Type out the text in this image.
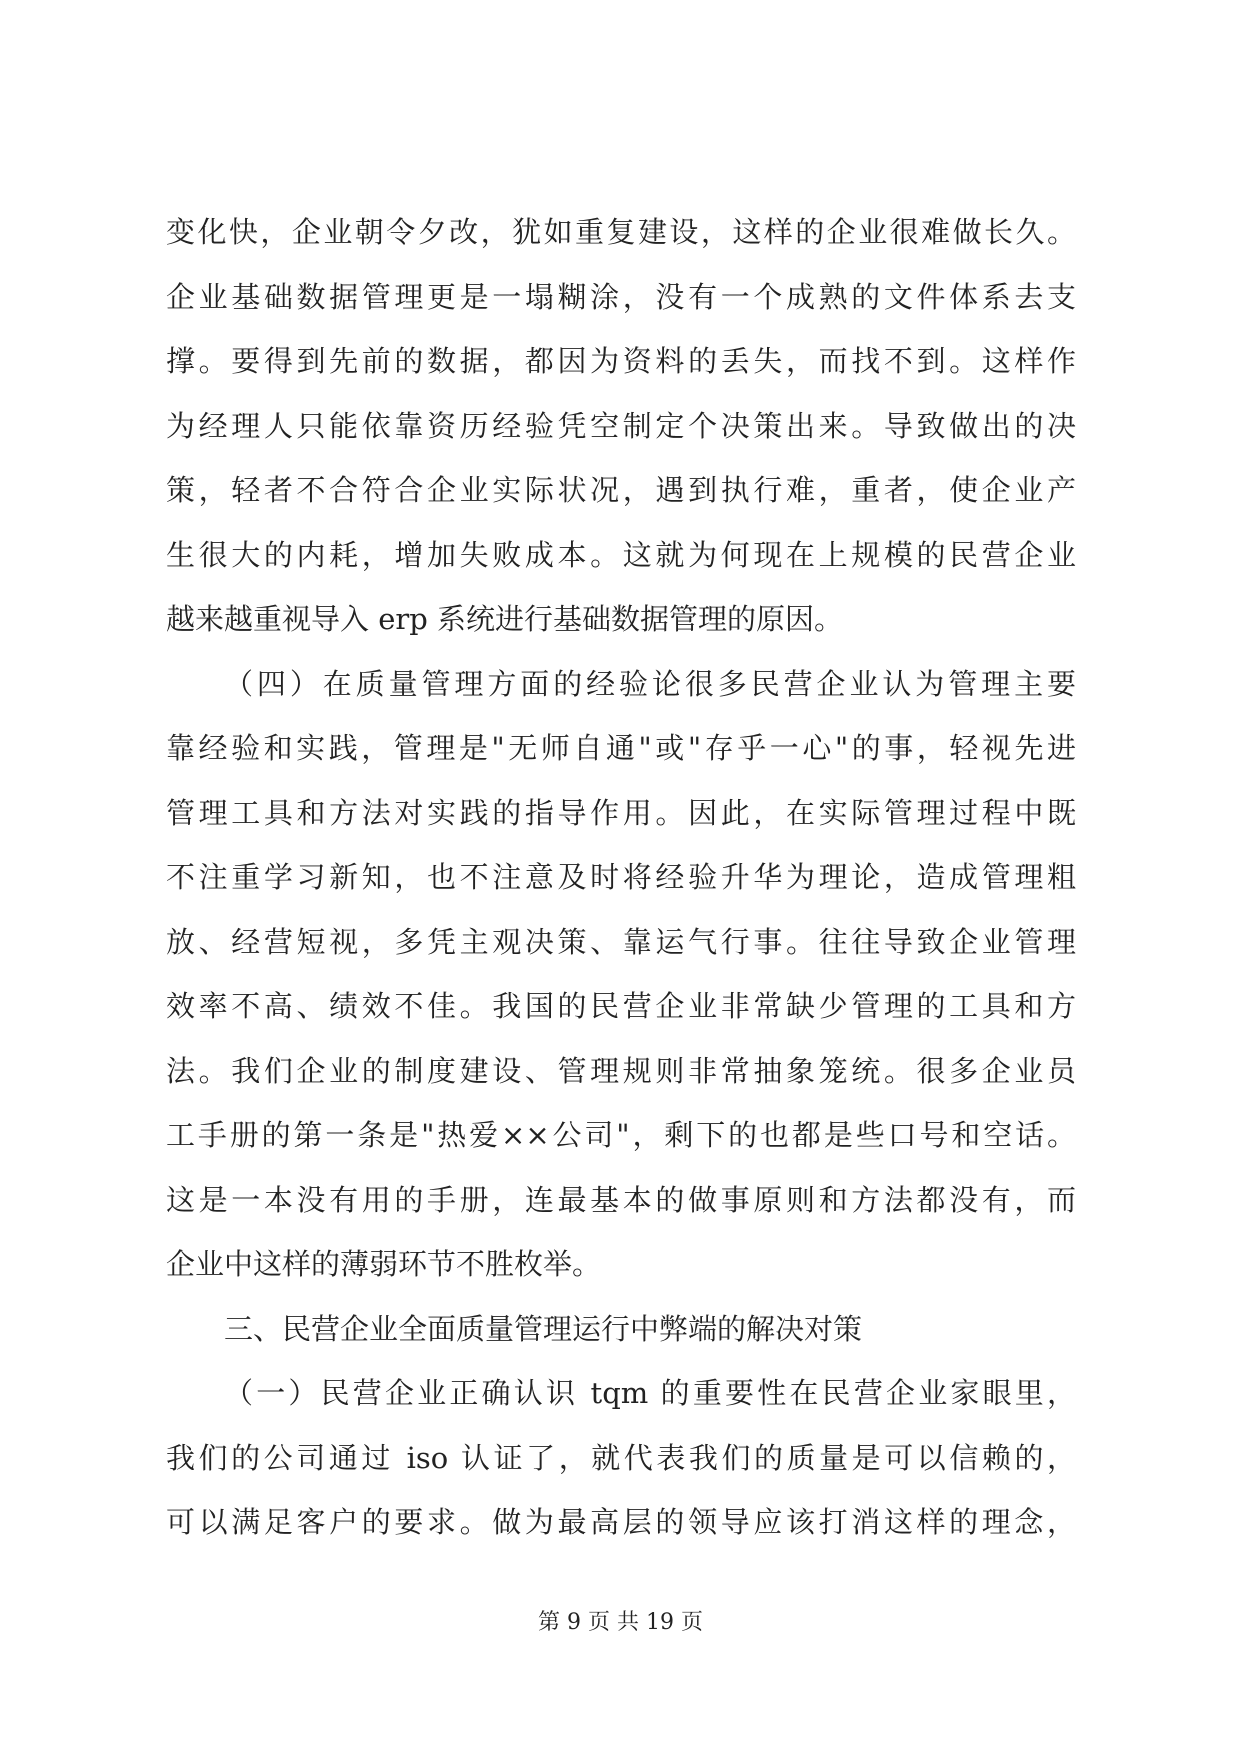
变化快，企业朝令夕改，犹如重复建设，这样的企业很难做长久。
企业基础数据管理更是一塌糊涂，没有一个成熟的文件体系去支
撑。要得到先前的数据，都因为资料的丢失，而找不到。这样作
为经理人只能依靠资历经验凭空制定个决策出来。导致做出的决
策，轻者不合符合企业实际状况，遇到执行难，重者，使企业产
生很大的内耗，增加失败成本。这就为何现在上规模的民营企业
越来越重视导入 erp 系统进行基础数据管理的原因。
（四）在质量管理方面的经验论很多民营企业认为管理主要
靠经验和实践，管理是"无师自通"或"存乎一心"的事，轻视先进
管理工具和方法对实践的指导作用。因此，在实际管理过程中既
不注重学习新知，也不注意及时将经验升华为理论，造成管理粗
放、经营短视，多凭主观决策、靠运气行事。往往导致企业管理
效率不高、绩效不佳。我国的民营企业非常缺少管理的工具和方
法。我们企业的制度建设、管理规则非常抽象笼统。很多企业员
工手册的第一条是"热爱××公司"，剩下的也都是些口号和空话。
这是一本没有用的手册，连最基本的做事原则和方法都没有，而
企业中这样的薄弱环节不胜枚举。
三、民营企业全面质量管理运行中弊端的解决对策
（一）民营企业正确认识 tqm 的重要性在民营企业家眼里，
我们的公司通过 iso 认证了，就代表我们的质量是可以信赖的，
可以满足客户的要求。做为最高层的领导应该打消这样的理念，
第 9 页 共 19 页
